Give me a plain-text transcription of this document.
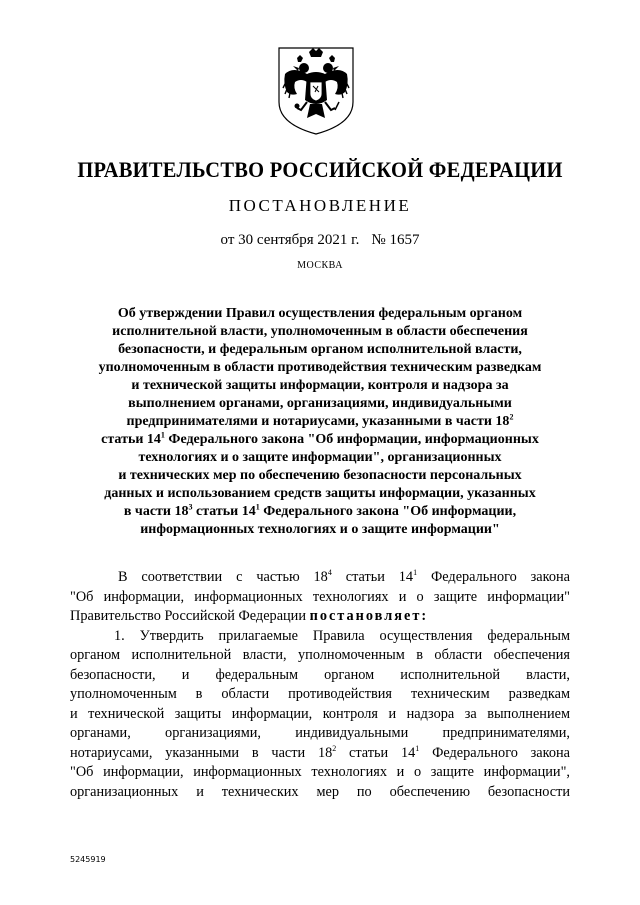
ПРАВИТЕЛЬСТВО РОССИЙСКОЙ ФЕДЕРАЦИИ
ПОСТАНОВЛЕНИЕ
от 30 сентября 2021 г. № 1657
МОСКВА
Об утверждении Правил осуществления федеральным органом
исполнительной власти, уполномоченным в области обеспечения
безопасности, и федеральным органом исполнительной власти,
уполномоченным в области противодействия техническим разведкам
и технической защиты информации, контроля и надзора за
выполнением органами, организациями, индивидуальными
предпринимателями и нотариусами, указанными в части $18^2$
статьи $14^1$ Федерального закона "Об информации, информационных
технологиях и о защите информации", организационных
и технических мер по обеспечению безопасности персональных
данных и использованием средств защиты информации, указанных
в части $18^3$ статьи $14^1$ Федерального закона "Об информации,
информационных технологиях и о защите информации"
В соответствии с частью $18^4$ статьи $14^1$ Федерального закона
"Об информации, информационных технологиях и о защите информации"
Правительство Российской Федерации постановляет:
1. Утвердить прилагаемые Правила осуществления федеральным
органом исполнительной власти, уполномоченным в области обеспечения
безопасности, и федеральным органом исполнительной власти,
уполномоченным в области противодействия техническим разведкам
и технической защиты информации, контроля и надзора за выполнением
органами, организациями, индивидуальными предпринимателями,
нотариусами, указанными в части $18^2$ статьи $14^1$ Федерального закона
"Об информации, информационных технологиях и о защите информации",
организационных и технических мер по обеспечению безопасности
5245919
